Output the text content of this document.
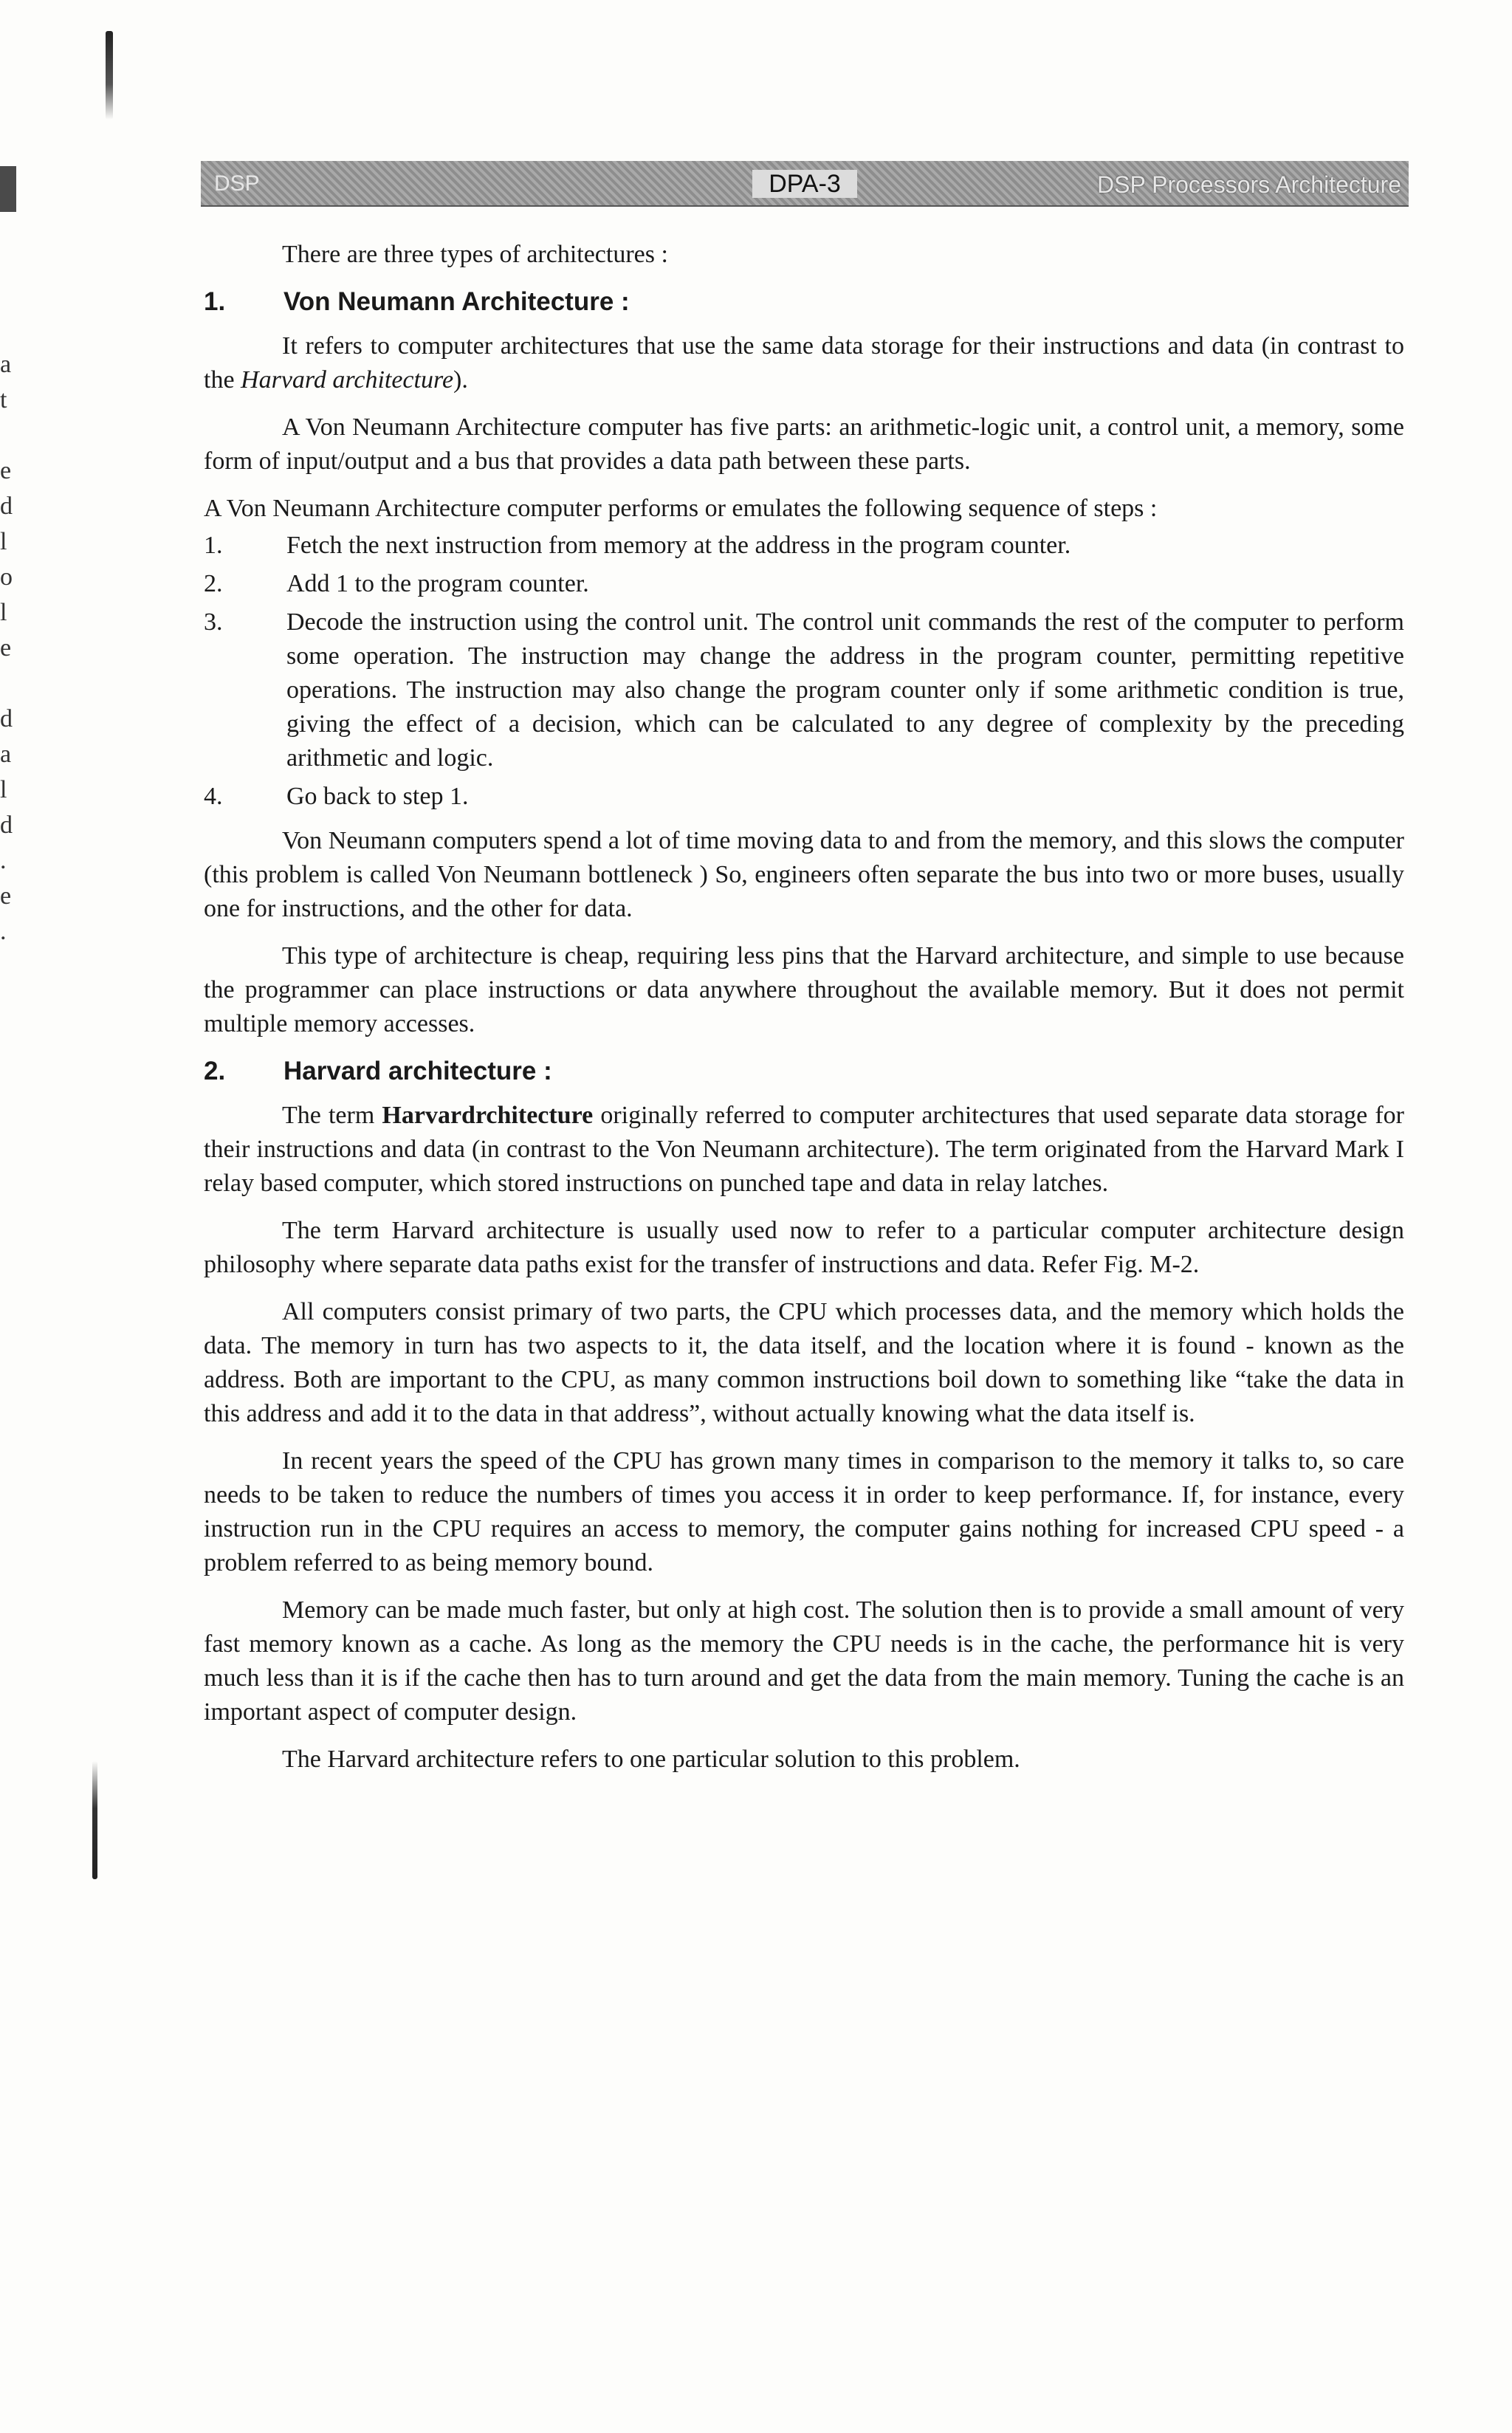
a
t
e
d
l
o
l
e
d
a
l
d
.
e
.
DSP	DPA-3	DSP Processors Architecture

There are three types of architectures :

1.	Von Neumann Architecture :

It refers to computer architectures that use the same data storage for their instructions and data (in contrast to the Harvard architecture).

A Von Neumann Architecture computer has five parts: an arithmetic-logic unit, a control unit, a memory, some form of input/output and a bus that provides a data path between these parts.

A Von Neumann Architecture computer performs or emulates the following sequence of steps :

1.	Fetch the next instruction from memory at the address in the program counter.
2.	Add 1 to the program counter.
3.	Decode the instruction using the control unit. The control unit commands the rest of the computer to perform some operation. The instruction may change the address in the program counter, permitting repetitive operations. The instruction may also change the program counter only if some arithmetic condition is true, giving the effect of a decision, which can be calculated to any degree of complexity by the preceding arithmetic and logic.
4.	Go back to step 1.

Von Neumann computers spend a lot of time moving data to and from the memory, and this slows the computer (this problem is called Von Neumann bottleneck ) So, engineers often separate the bus into two or more buses, usually one for instructions, and the other for data.

This type of architecture is cheap, requiring less pins that the Harvard architecture, and simple to use because the programmer can place instructions or data anywhere throughout the available memory. But it does not permit multiple memory accesses.

2.	Harvard architecture :

The term Harvardrchitecture originally referred to computer architectures that used separate data storage for their instructions and data (in contrast to the Von Neumann architecture). The term originated from the Harvard Mark I relay based computer, which stored instructions on punched tape and data in relay latches.

The term Harvard architecture is usually used now to refer to a particular computer architecture design philosophy where separate data paths exist for the transfer of instructions and data. Refer Fig. M-2.

All computers consist primary of two parts, the CPU which processes data, and the memory which holds the data. The memory in turn has two aspects to it, the data itself, and the location where it is found - known as the address. Both are important to the CPU, as many common instructions boil down to something like “take the data in this address and add it to the data in that address”, without actually knowing what the data itself is.

In recent years the speed of the CPU has grown many times in comparison to the memory it talks to, so care needs to be taken to reduce the numbers of times you access it in order to keep performance. If, for instance, every instruction run in the CPU requires an access to memory, the computer gains nothing for increased CPU speed - a problem referred to as being memory bound.

Memory can be made much faster, but only at high cost. The solution then is to provide a small amount of very fast memory known as a cache. As long as the memory the CPU needs is in the cache, the performance hit is very much less than it is if the cache then has to turn around and get the data from the main memory. Tuning the cache is an important aspect of computer design.

The Harvard architecture refers to one particular solution to this problem.
